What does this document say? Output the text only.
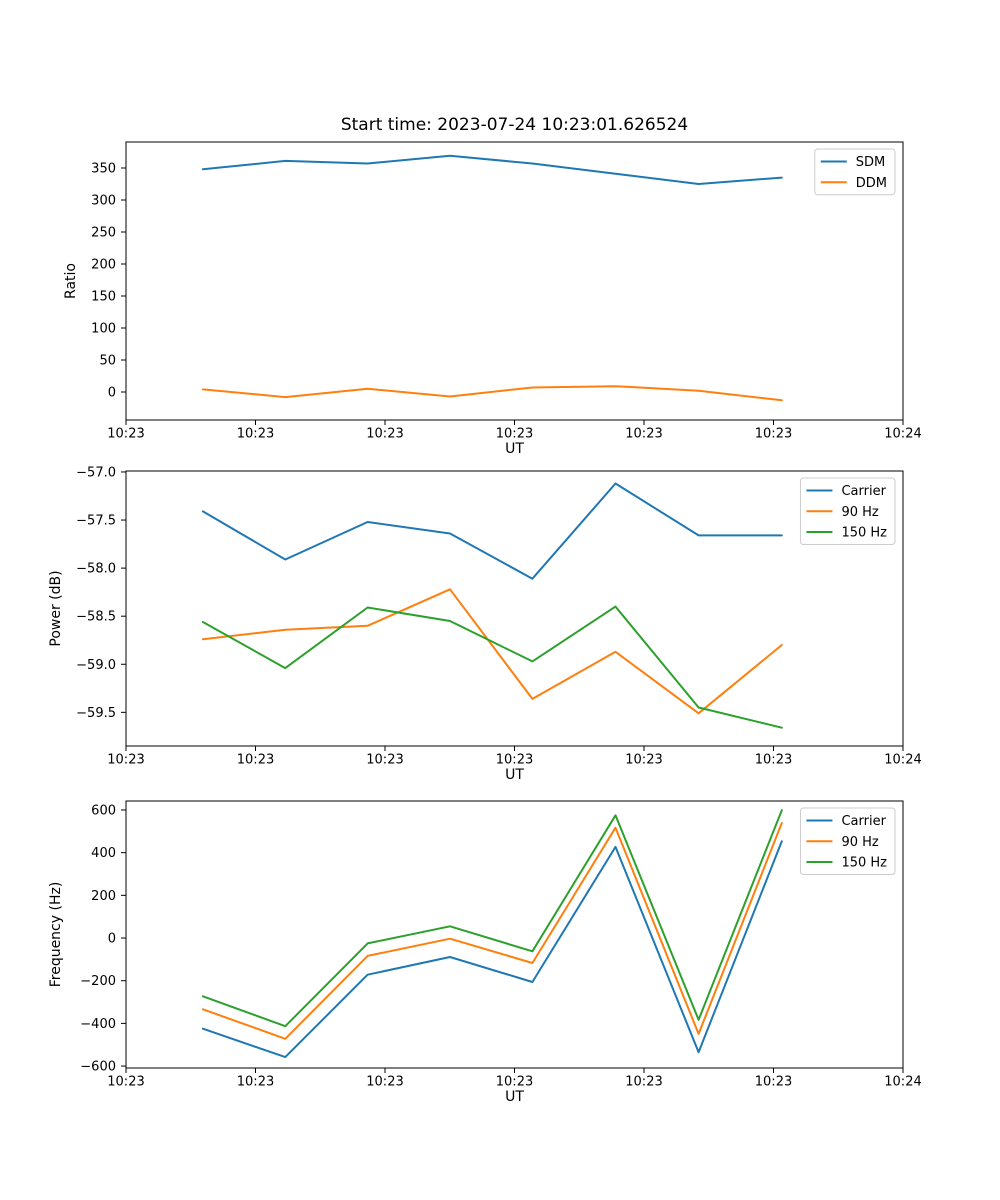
10:23	10:23	10:23	10:23	10:23	10:23	10:24
UT
0
50
100
150
200
250
300
350
Ratio
SDM
DDM
10:23	10:23	10:23	10:23	10:23	10:23	10:24
UT
−57.0
−57.5
−58.0
−58.5
−59.0
−59.5
Power (dB)
Carrier
90 Hz
150 Hz
10:23	10:23	10:23	10:23	10:23	10:23	10:24
UT
−600
−400
−200
0
200
400
600
Frequency (Hz)
Carrier
90 Hz
150 Hz
Start time: 2023-07-24 10:23:01.626524
